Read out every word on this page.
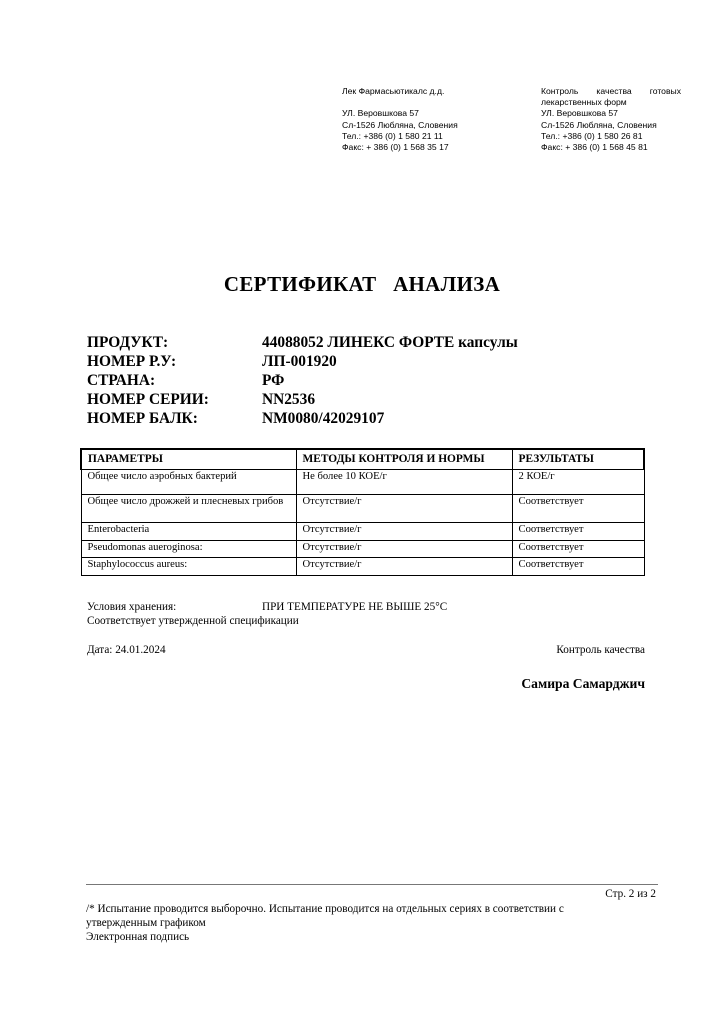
Лек Фармасьютикалс д.д.
УЛ. Веровшкова 57
Сл-1526 Любляна, Словения
Тел.: +386 (0) 1 580 21 11
Факс: + 386 (0) 1 568 35 17
Контроль качества готовых
лекарственных форм
УЛ. Веровшкова 57
Сл-1526 Любляна, Словения
Тел.: +386 (0) 1 580 26 81
Факс: + 386 (0) 1 568 45 81
СЕРТИФИКАТ   АНАЛИЗА
ПРОДУКТ:	44088052 ЛИНЕКС ФОРТЕ капсулы
НОМЕР Р.У:	ЛП-001920
СТРАНА:	РФ
НОМЕР СЕРИИ:	NN2536
НОМЕР БАЛК:	NM0080/42029107
ПАРАМЕТРЫ	МЕТОДЫ КОНТРОЛЯ И НОРМЫ	РЕЗУЛЬТАТЫ
Общее число аэробных бактерий	Не более 10 КОЕ/г	2 КОЕ/г
Общее число дрожжей и плесневых грибов	Отсутствие/г	Соответствует
Enterobacteria	Отсутствие/г	Соответствует
Pseudomonas aueroginosa:	Отсутствие/г	Соответствует
Staphylococcus aureus:	Отсутствие/г	Соответствует
Условия хранения:	ПРИ ТЕМПЕРАТУРЕ НЕ ВЫШЕ 25°С
Соответствует утвержденной спецификации
Дата: 24.01.2024	Контроль качества
Самира Самарджич
Стр. 2 из 2
/* Испытание проводится выборочно. Испытание проводится на отдельных сериях в соответствии с
утвержденным графиком
Электронная подпись
